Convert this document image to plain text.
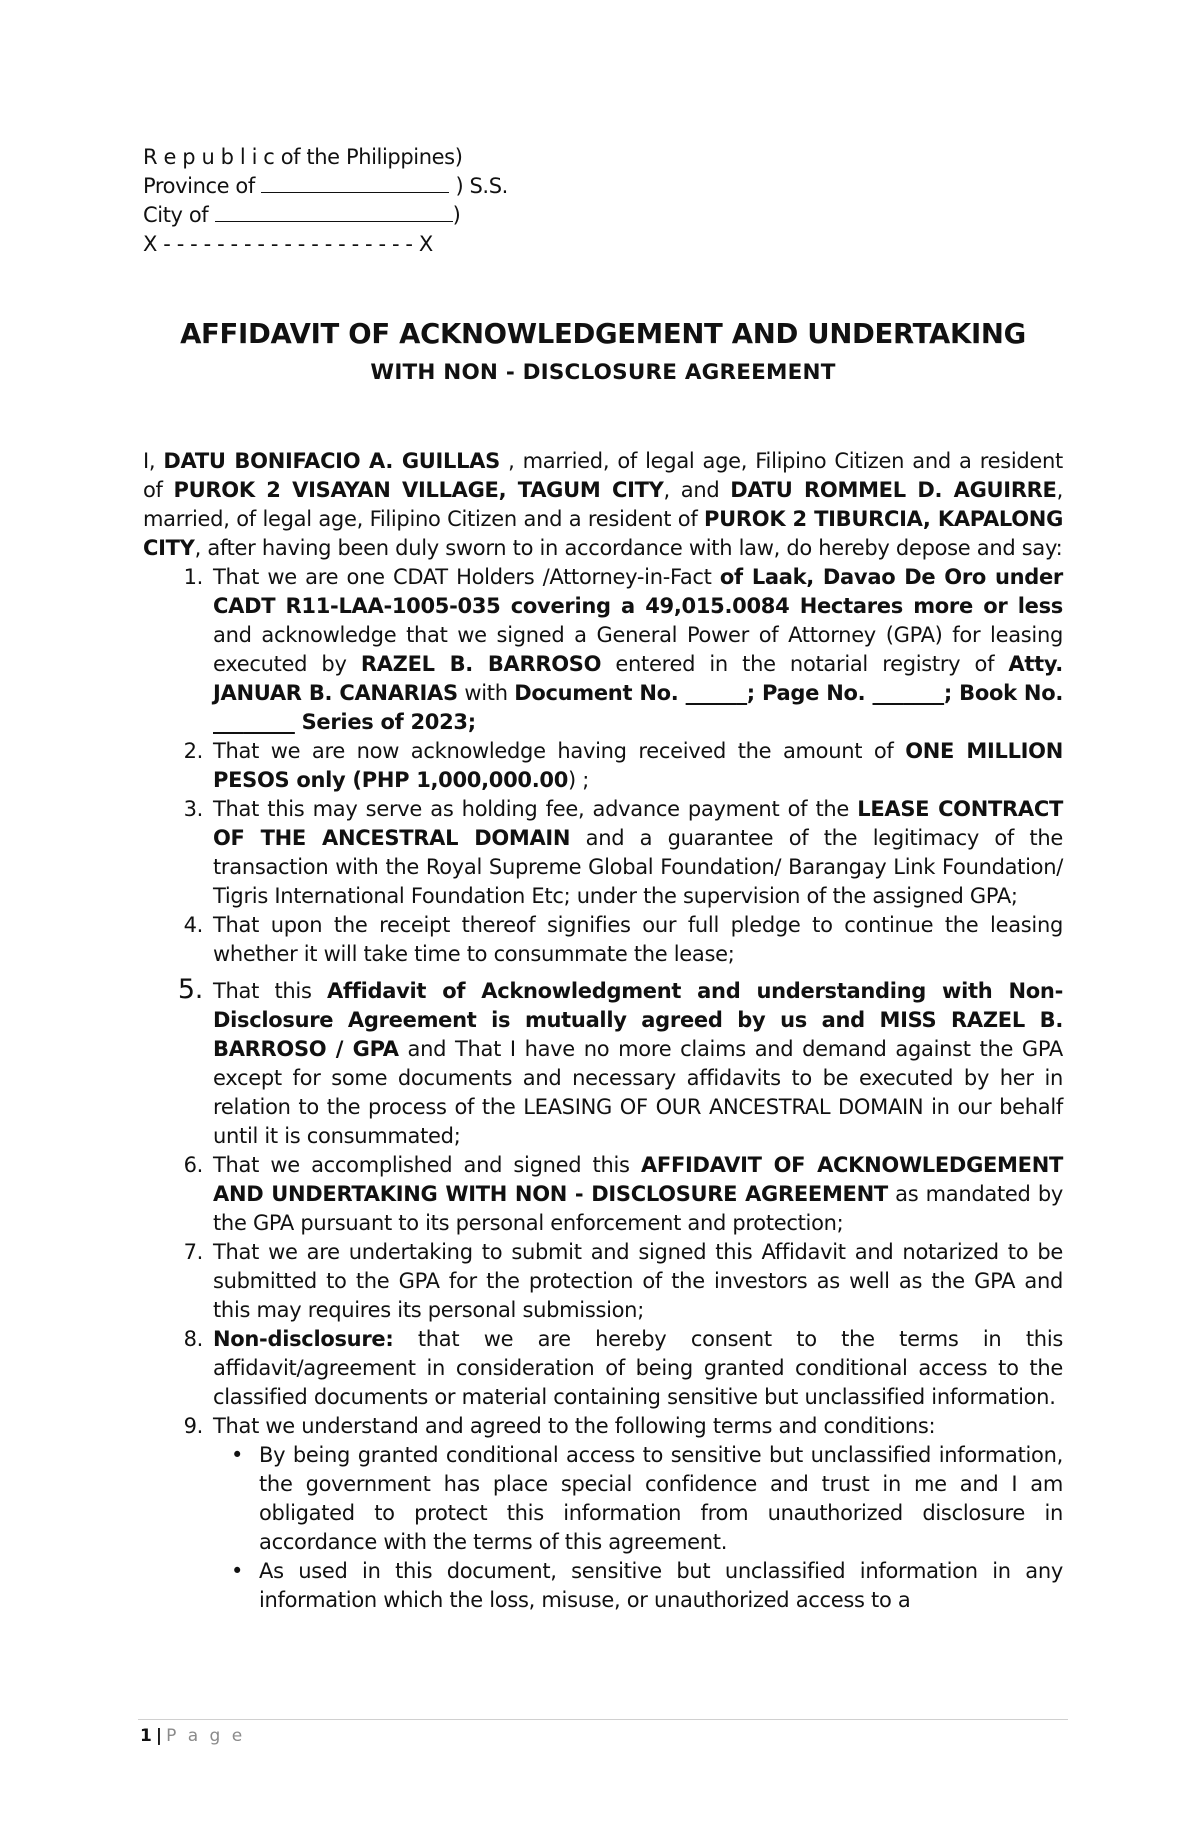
R e p u b l i c of the Philippines)
Province of	) S.S.
City of	)
X - - - - - - - - - - - - - - - - - - - X
AFFIDAVIT OF ACKNOWLEDGEMENT AND UNDERTAKING
WITH NON - DISCLOSURE AGREEMENT

I, DATU BONIFACIO A. GUILLAS , married, of legal age, Filipino Citizen and a resident of PUROK 2 VISAYAN VILLAGE, TAGUM CITY, and DATU ROMMEL D. AGUIRRE, married, of legal age, Filipino Citizen and a resident of PUROK 2 TIBURCIA, KAPALONG CITY, after having been duly sworn to in accordance with law, do hereby depose and say:

1. That we are one CDAT Holders /Attorney-in-Fact of Laak, Davao De Oro under CADT R11-LAA-1005-035 covering a 49,015.0084 Hectares more or less and acknowledge that we signed a General Power of Attorney (GPA) for leasing executed by RAZEL B. BARROSO entered in the notarial registry of Atty. JANUAR B. CANARIAS with Document No. ______; Page No. _______; Book No. ________ Series of 2023;
2. That we are now acknowledge having received the amount of ONE MILLION PESOS only (PHP 1,000,000.00) ;
3. That this may serve as holding fee, advance payment of the LEASE CONTRACT OF THE ANCESTRAL DOMAIN and a guarantee of the legitimacy of the transaction with the Royal Supreme Global Foundation/ Barangay Link Foundation/ Tigris International Foundation Etc; under the supervision of the assigned GPA;
4. That upon the receipt thereof signifies our full pledge to continue the leasing whether it will take time to consummate the lease;
5. That this Affidavit of Acknowledgment and understanding with Non-Disclosure Agreement is mutually agreed by us and MISS RAZEL B. BARROSO / GPA and That I have no more claims and demand against the GPA except for some documents and necessary affidavits to be executed by her in relation to the process of the LEASING OF OUR ANCESTRAL DOMAIN in our behalf until it is consummated;
6. That we accomplished and signed this AFFIDAVIT OF ACKNOWLEDGEMENT AND UNDERTAKING WITH NON - DISCLOSURE AGREEMENT as mandated by the GPA pursuant to its personal enforcement and protection;
7. That we are undertaking to submit and signed this Affidavit and notarized to be submitted to the GPA for the protection of the investors as well as the GPA and this may requires its personal submission;
8. Non-disclosure: that we are hereby consent to the terms in this affidavit/agreement in consideration of being granted conditional access to the classified documents or material containing sensitive but unclassified information.
9. That we understand and agreed to the following terms and conditions:
• By being granted conditional access to sensitive but unclassified information, the government has place special confidence and trust in me and I am obligated to protect this information from unauthorized disclosure in accordance with the terms of this agreement.
• As used in this document, sensitive but unclassified information in any information which the loss, misuse, or unauthorized access to a
1 | P a g e
